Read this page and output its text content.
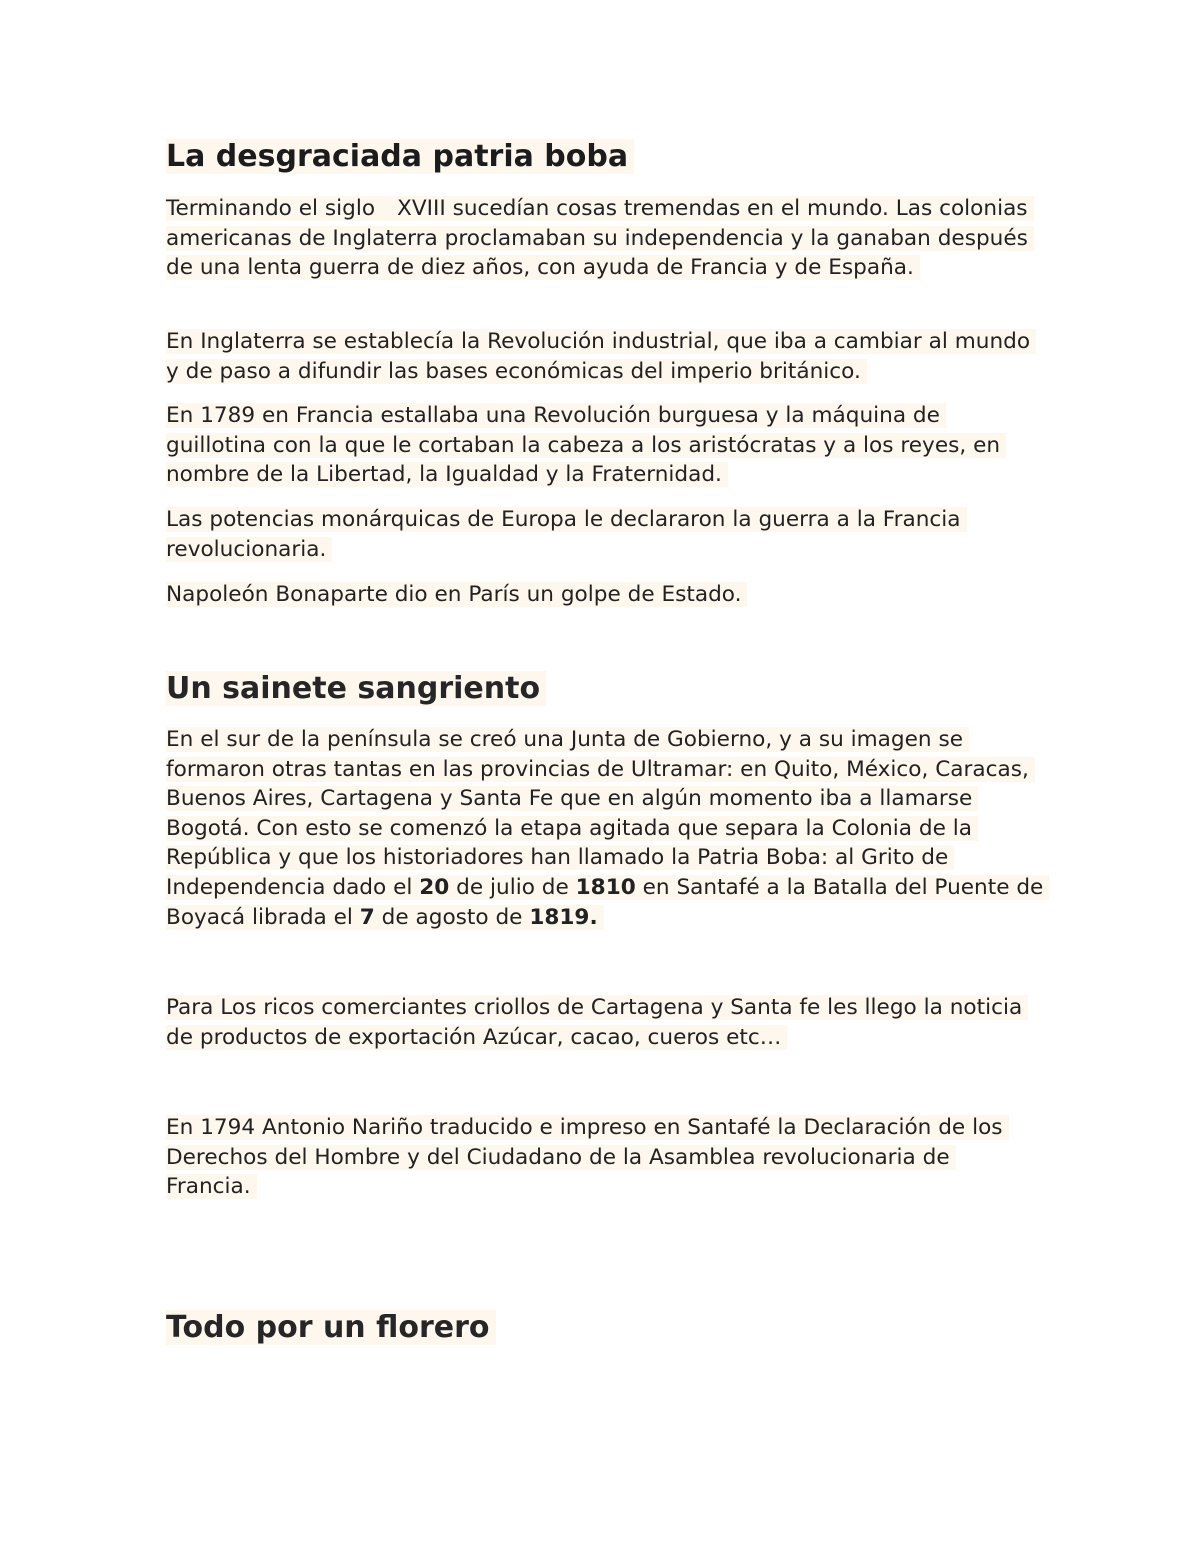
La desgraciada patria boba

Terminando el siglo XVIII sucedían cosas tremendas en el mundo. Las colonias americanas de Inglaterra proclamaban su independencia y la ganaban después de una lenta guerra de diez años, con ayuda de Francia y de España.

En Inglaterra se establecía la Revolución industrial, que iba a cambiar al mundo y de paso a difundir las bases económicas del imperio británico.

En 1789 en Francia estallaba una Revolución burguesa y la máquina de guillotina con la que le cortaban la cabeza a los aristócratas y a los reyes, en nombre de la Libertad, la Igualdad y la Fraternidad.

Las potencias monárquicas de Europa le declararon la guerra a la Francia revolucionaria.

Napoleón Bonaparte dio en París un golpe de Estado.

Un sainete sangriento

En el sur de la península se creó una Junta de Gobierno, y a su imagen se formaron otras tantas en las provincias de Ultramar: en Quito, México, Caracas, Buenos Aires, Cartagena y Santa Fe que en algún momento iba a llamarse Bogotá. Con esto se comenzó la etapa agitada que separa la Colonia de la República y que los historiadores han llamado la Patria Boba: al Grito de Independencia dado el 20 de julio de 1810 en Santafé a la Batalla del Puente de Boyacá librada el 7 de agosto de 1819.

Para Los ricos comerciantes criollos de Cartagena y Santa fe les llego la noticia de productos de exportación Azúcar, cacao, cueros etc…

En 1794 Antonio Nariño traducido e impreso en Santafé la Declaración de los Derechos del Hombre y del Ciudadano de la Asamblea revolucionaria de Francia.

Todo por un florero
